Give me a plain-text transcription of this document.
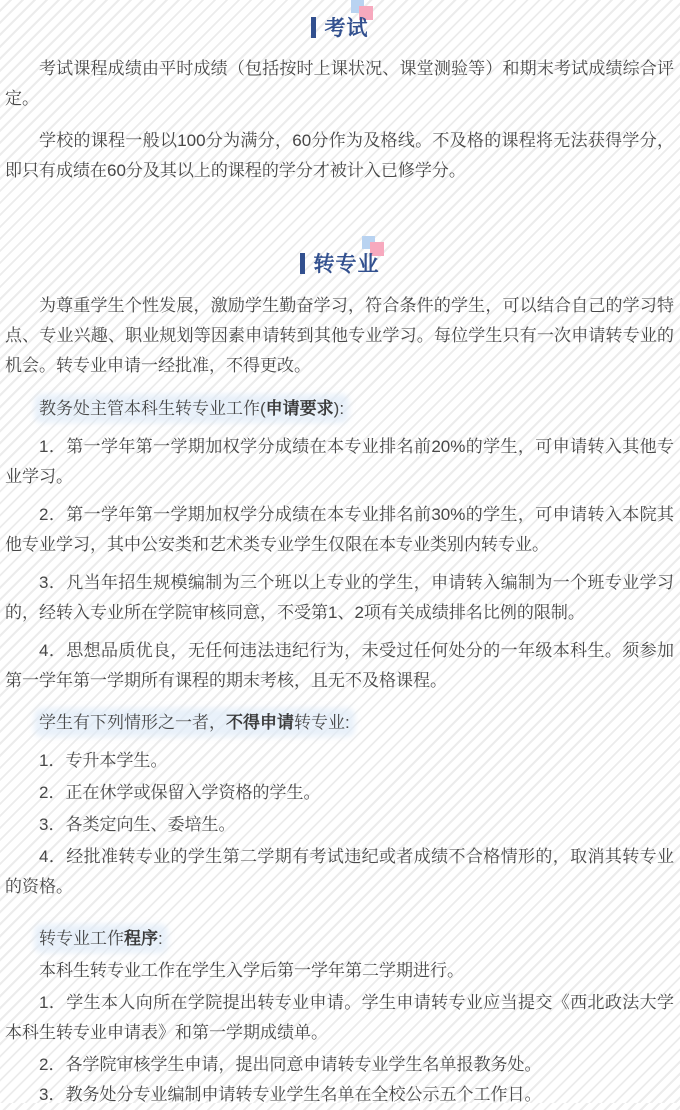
考试

考试课程成绩由平时成绩（包括按时上课状况、课堂测验等）和期末考试成绩综合评定。

学校的课程一般以100分为满分，60分作为及格线。不及格的课程将无法获得学分，即只有成绩在60分及其以上的课程的学分才被计入已修学分。

转专业

为尊重学生个性发展，激励学生勤奋学习，符合条件的学生，可以结合自己的学习特点、专业兴趣、职业规划等因素申请转到其他专业学习。每位学生只有一次申请转专业的机会。转专业申请一经批准，不得更改。

教务处主管本科生转专业工作(申请要求):

1．第一学年第一学期加权学分成绩在本专业排名前20%的学生，可申请转入其他专业学习。

2．第一学年第一学期加权学分成绩在本专业排名前30%的学生，可申请转入本院其他专业学习，其中公安类和艺术类专业学生仅限在本专业类别内转专业。

3．凡当年招生规模编制为三个班以上专业的学生，申请转入编制为一个班专业学习的，经转入专业所在学院审核同意，不受第1、2项有关成绩排名比例的限制。

4．思想品质优良，无任何违法违纪行为，未受过任何处分的一年级本科生。须参加第一学年第一学期所有课程的期末考核，且无不及格课程。

学生有下列情形之一者，不得申请转专业:

1．专升本学生。

2．正在休学或保留入学资格的学生。

3．各类定向生、委培生。

4．经批准转专业的学生第二学期有考试违纪或者成绩不合格情形的，取消其转专业的资格。

转专业工作程序:

本科生转专业工作在学生入学后第一学年第二学期进行。

1．学生本人向所在学院提出转专业申请。学生申请转专业应当提交《西北政法大学本科生转专业申请表》和第一学期成绩单。

2．各学院审核学生申请，提出同意申请转专业学生名单报教务处。

3．教务处分专业编制申请转专业学生名单在全校公示五个工作日。
